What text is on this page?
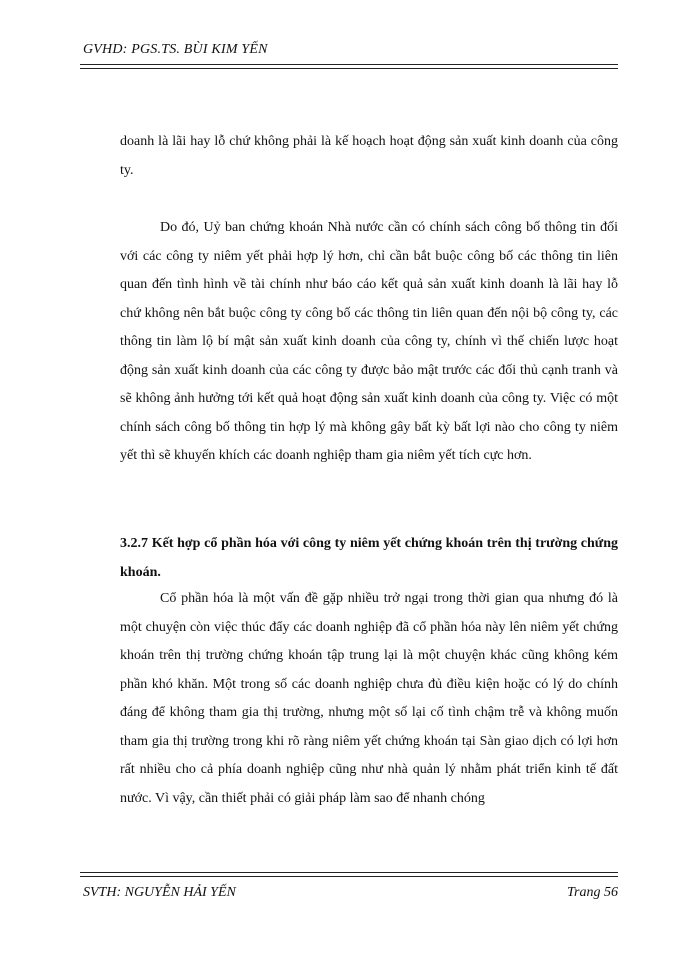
GVHD: PGS.TS. BÙI KIM YẾN
doanh là lãi hay lỗ chứ không phải là kế hoạch hoạt động sản xuất kinh doanh của công ty.
Do đó, Uỷ ban chứng khoán Nhà nước cần có chính sách công bố thông tin đối với các công ty niêm yết phải hợp lý hơn, chỉ cần bắt buộc công bố các thông tin liên quan đến tình hình về tài chính như báo cáo kết quả sản xuất kinh doanh là lãi hay lỗ chứ không nên bắt buộc công ty công bố các thông tin liên quan đến nội bộ công ty, các thông tin làm lộ bí mật sản xuất kinh doanh của công ty, chính vì thế chiến lược hoạt động sản xuất kinh doanh của các công ty được bảo mật trước các đối thủ cạnh tranh và sẽ không ảnh hưởng tới kết quả hoạt động sản xuất kinh doanh của công ty. Việc có một chính sách công bố thông tin hợp lý mà không gây bất kỳ bất lợi nào cho công ty niêm yết thì sẽ khuyến khích các doanh nghiệp tham gia niêm yết tích cực hơn.
3.2.7 Kết hợp cổ phần hóa với công ty niêm yết chứng khoán trên thị trường chứng khoán.
Cổ phần hóa là một vấn đề gặp nhiều trở ngại trong thời gian qua nhưng đó là một chuyện còn việc thúc đẩy các doanh nghiệp đã cổ phần hóa này lên niêm yết chứng khoán trên thị trường chứng khoán tập trung lại là một chuyện khác cũng không kém phần khó khăn. Một trong số các doanh nghiệp chưa đủ điều kiện hoặc có lý do chính đáng để không tham gia thị trường, nhưng một số lại cố tình chậm trễ và không muốn tham gia thị trường trong khi rõ ràng niêm yết chứng khoán tại Sàn giao dịch có lợi hơn rất nhiều cho cả phía doanh nghiệp cũng như nhà quản lý nhằm phát triển kinh tế đất nước. Vì vậy, cần thiết phải có giải pháp làm sao để nhanh chóng
SVTH: NGUYỄN HẢI YẾN	Trang 56
